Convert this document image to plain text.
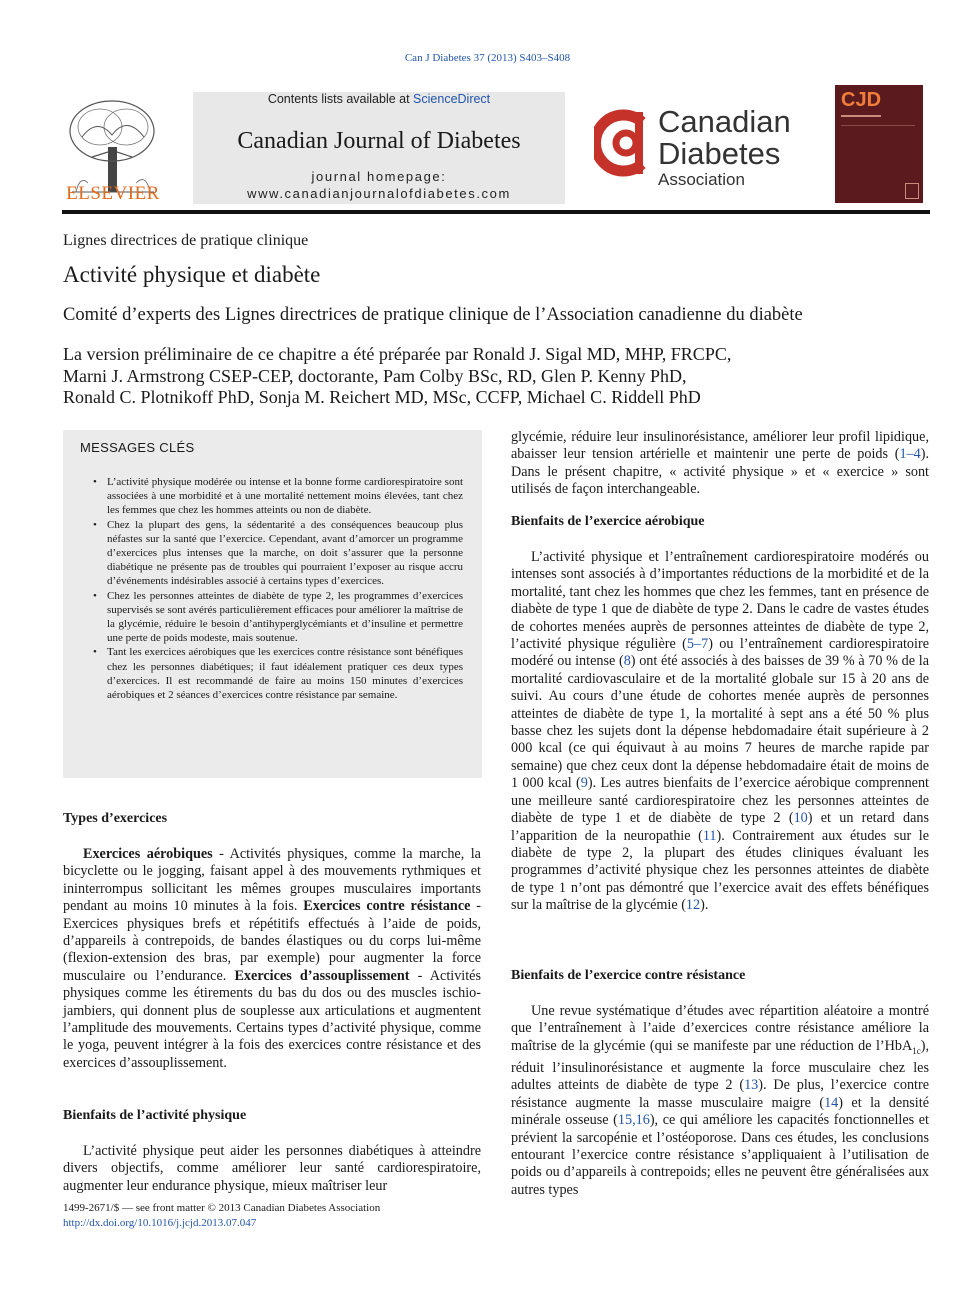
Can J Diabetes 37 (2013) S403–S408
ELSEVIER
Contents lists available at ScienceDirect
Canadian Journal of Diabetes
journal homepage:
www.canadianjournalofdiabetes.com
Canadian
Diabetes
Association
CJD
Lignes directrices de pratique clinique
Activité physique et diabète
Comité d’experts des Lignes directrices de pratique clinique de l’Association canadienne du diabète
La version préliminaire de ce chapitre a été préparée par Ronald J. Sigal MD, MHP, FRCPC,
Marni J. Armstrong CSEP-CEP, doctorante, Pam Colby BSc, RD, Glen P. Kenny PhD,
Ronald C. Plotnikoff PhD, Sonja M. Reichert MD, MSc, CCFP, Michael C. Riddell PhD
MESSAGES CLÉS
• L’activité physique modérée ou intense et la bonne forme cardiorespiratoire sont associées à une morbidité et à une mortalité nettement moins élevées, tant chez les femmes que chez les hommes atteints ou non de diabète.
• Chez la plupart des gens, la sédentarité a des conséquences beaucoup plus néfastes sur la santé que l’exercice. Cependant, avant d’amorcer un programme d’exercices plus intenses que la marche, on doit s’assurer que la personne diabétique ne présente pas de troubles qui pourraient l’exposer au risque accru d’événements indésirables associé à certains types d’exercices.
• Chez les personnes atteintes de diabète de type 2, les programmes d’exercices supervisés se sont avérés particulièrement efficaces pour améliorer la maîtrise de la glycémie, réduire le besoin d’antihyperglycémiants et d’insuline et permettre une perte de poids modeste, mais soutenue.
• Tant les exercices aérobiques que les exercices contre résistance sont bénéfiques chez les personnes diabétiques; il faut idéalement pratiquer ces deux types d’exercices. Il est recommandé de faire au moins 150 minutes d’exercices aérobiques et 2 séances d’exercices contre résistance par semaine.
Types d’exercices

Exercices aérobiques - Activités physiques, comme la marche, la bicyclette ou le jogging, faisant appel à des mouvements rythmiques et ininterrompus sollicitant les mêmes groupes musculaires importants pendant au moins 10 minutes à la fois. Exercices contre résistance - Exercices physiques brefs et répétitifs effectués à l’aide de poids, d’appareils à contrepoids, de bandes élastiques ou du corps lui-même (flexion-extension des bras, par exemple) pour augmenter la force musculaire ou l’endurance. Exercices d’assouplissement - Activités physiques comme les étirements du bas du dos ou des muscles ischio-jambiers, qui donnent plus de souplesse aux articulations et augmentent l’amplitude des mouvements. Certains types d’activité physique, comme le yoga, peuvent intégrer à la fois des exercices contre résistance et des exercices d’assouplissement.

Bienfaits de l’activité physique

L’activité physique peut aider les personnes diabétiques à atteindre divers objectifs, comme améliorer leur santé cardiorespiratoire, augmenter leur endurance physique, mieux maîtriser leur

glycémie, réduire leur insulinorésistance, améliorer leur profil lipidique, abaisser leur tension artérielle et maintenir une perte de poids (1–4). Dans le présent chapitre, « activité physique » et « exercice » sont utilisés de façon interchangeable.

Bienfaits de l’exercice aérobique

L’activité physique et l’entraînement cardiorespiratoire modérés ou intenses sont associés à d’importantes réductions de la morbidité et de la mortalité, tant chez les hommes que chez les femmes, tant en présence de diabète de type 1 que de diabète de type 2. Dans le cadre de vastes études de cohortes menées auprès de personnes atteintes de diabète de type 2, l’activité physique régulière (5–7) ou l’entraînement cardiorespiratoire modéré ou intense (8) ont été associés à des baisses de 39 % à 70 % de la mortalité cardiovasculaire et de la mortalité globale sur 15 à 20 ans de suivi. Au cours d’une étude de cohortes menée auprès de personnes atteintes de diabète de type 1, la mortalité à sept ans a été 50 % plus basse chez les sujets dont la dépense hebdomadaire était supérieure à 2 000 kcal (ce qui équivaut à au moins 7 heures de marche rapide par semaine) que chez ceux dont la dépense hebdomadaire était de moins de 1 000 kcal (9). Les autres bienfaits de l’exercice aérobique comprennent une meilleure santé cardiorespiratoire chez les personnes atteintes de diabète de type 1 et de diabète de type 2 (10) et un retard dans l’apparition de la neuropathie (11). Contrairement aux études sur le diabète de type 2, la plupart des études cliniques évaluant les programmes d’activité physique chez les personnes atteintes de diabète de type 1 n’ont pas démontré que l’exercice avait des effets bénéfiques sur la maîtrise de la glycémie (12).

Bienfaits de l’exercice contre résistance

Une revue systématique d’études avec répartition aléatoire a montré que l’entraînement à l’aide d’exercices contre résistance améliore la maîtrise de la glycémie (qui se manifeste par une réduction de l’HbA$_{1c}$), réduit l’insulinorésistance et augmente la force musculaire chez les adultes atteints de diabète de type 2 (13). De plus, l’exercice contre résistance augmente la masse musculaire maigre (14) et la densité minérale osseuse (15,16), ce qui améliore les capacités fonctionnelles et prévient la sarcopénie et l’ostéoporose. Dans ces études, les conclusions entourant l’exercice contre résistance s’appliquaient à l’utilisation de poids ou d’appareils à contrepoids; elles ne peuvent être généralisées aux autres types

1499-2671/$ — see front matter © 2013 Canadian Diabetes Association
http://dx.doi.org/10.1016/j.jcjd.2013.07.047
